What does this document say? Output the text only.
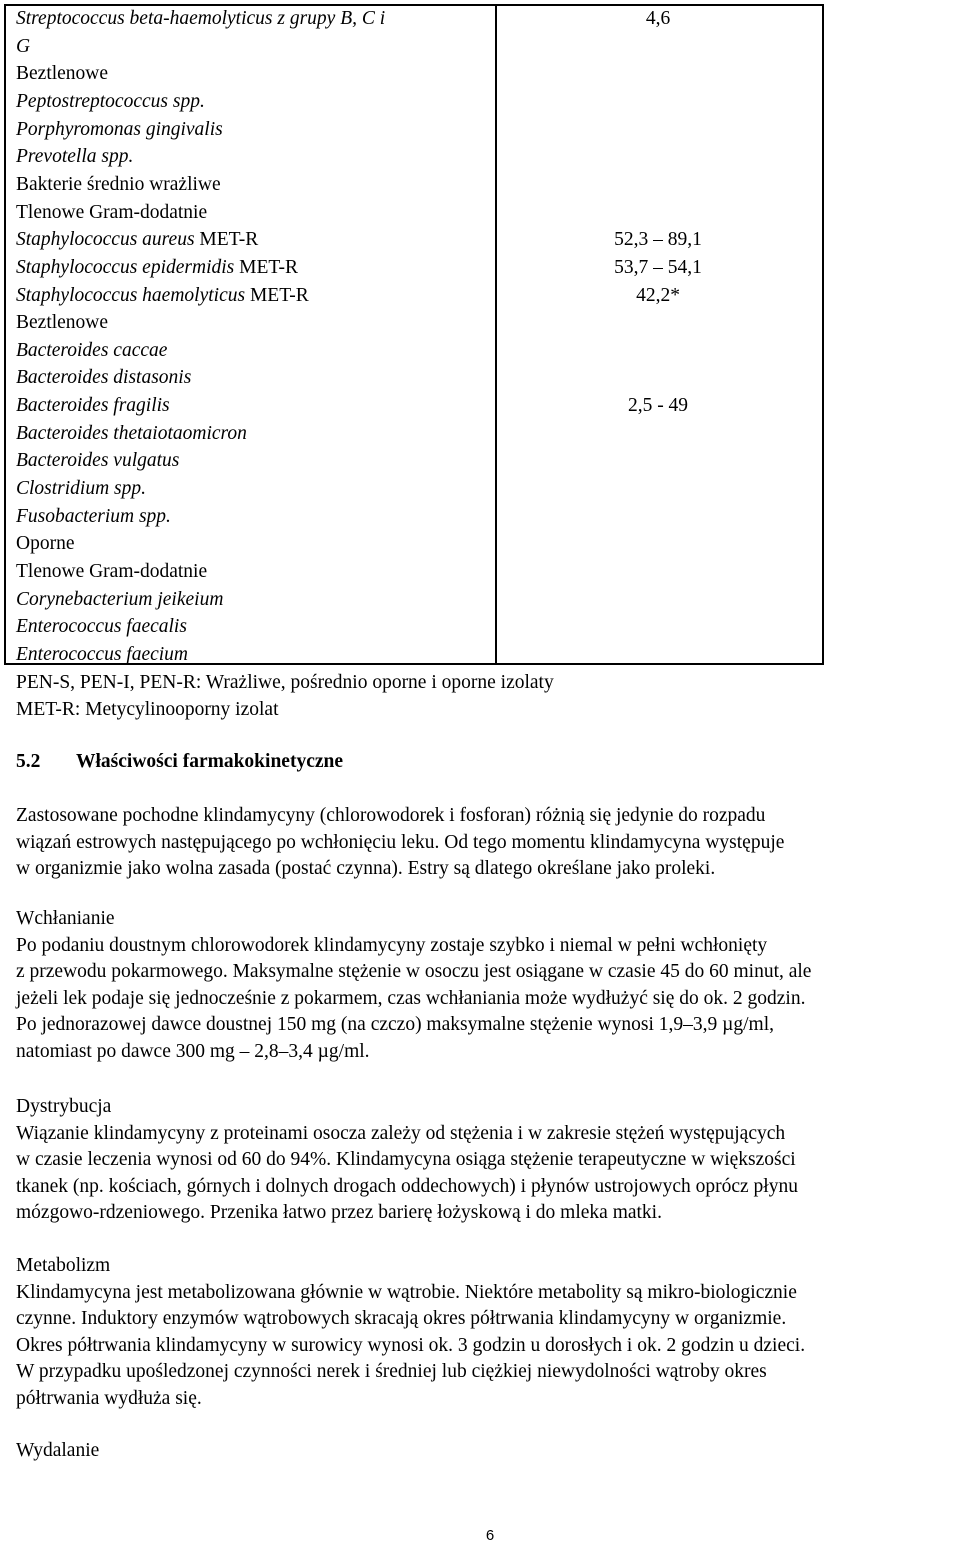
Streptococcus beta-haemolyticus z grupy B, C i	4,6
G
Beztlenowe
Peptostreptococcus spp.
Porphyromonas gingivalis
Prevotella spp.
Bakterie średnio wrażliwe
Tlenowe Gram-dodatnie
Staphylococcus aureus MET-R	52,3 – 89,1
Staphylococcus epidermidis MET-R	53,7 – 54,1
Staphylococcus haemolyticus MET-R	42,2*
Beztlenowe
Bacteroides caccae
Bacteroides distasonis
Bacteroides fragilis	2,5 - 49
Bacteroides thetaiotaomicron
Bacteroides vulgatus
Clostridium spp.
Fusobacterium spp.
Oporne
Tlenowe Gram-dodatnie
Corynebacterium jeikeium
Enterococcus faecalis
Enterococcus faecium
PEN-S, PEN-I, PEN-R: Wrażliwe, pośrednio oporne i oporne izolaty
MET-R: Metycylinooporny izolat
5.2 Właściwości farmakokinetyczne
Zastosowane pochodne klindamycyny (chlorowodorek i fosforan) różnią się jedynie do rozpadu
wiązań estrowych następującego po wchłonięciu leku. Od tego momentu klindamycyna występuje
w organizmie jako wolna zasada (postać czynna). Estry są dlatego określane jako proleki.
Wchłanianie
Po podaniu doustnym chlorowodorek klindamycyny zostaje szybko i niemal w pełni wchłonięty
z przewodu pokarmowego. Maksymalne stężenie w osoczu jest osiągane w czasie 45 do 60 minut, ale
jeżeli lek podaje się jednocześnie z pokarmem, czas wchłaniania może wydłużyć się do ok. 2 godzin.
Po jednorazowej dawce doustnej 150 mg (na czczo) maksymalne stężenie wynosi 1,9–3,9 µg/ml,
natomiast po dawce 300 mg – 2,8–3,4 µg/ml.
Dystrybucja
Wiązanie klindamycyny z proteinami osocza zależy od stężenia i w zakresie stężeń występujących
w czasie leczenia wynosi od 60 do 94%. Klindamycyna osiąga stężenie terapeutyczne w większości
tkanek (np. kościach, górnych i dolnych drogach oddechowych) i płynów ustrojowych oprócz płynu
mózgowo-rdzeniowego. Przenika łatwo przez barierę łożyskową i do mleka matki.
Metabolizm
Klindamycyna jest metabolizowana głównie w wątrobie. Niektóre metabolity są mikro-biologicznie
czynne. Induktory enzymów wątrobowych skracają okres półtrwania klindamycyny w organizmie.
Okres półtrwania klindamycyny w surowicy wynosi ok. 3 godzin u dorosłych i ok. 2 godzin u dzieci.
W przypadku upośledzonej czynności nerek i średniej lub ciężkiej niewydolności wątroby okres
półtrwania wydłuża się.
Wydalanie
6
